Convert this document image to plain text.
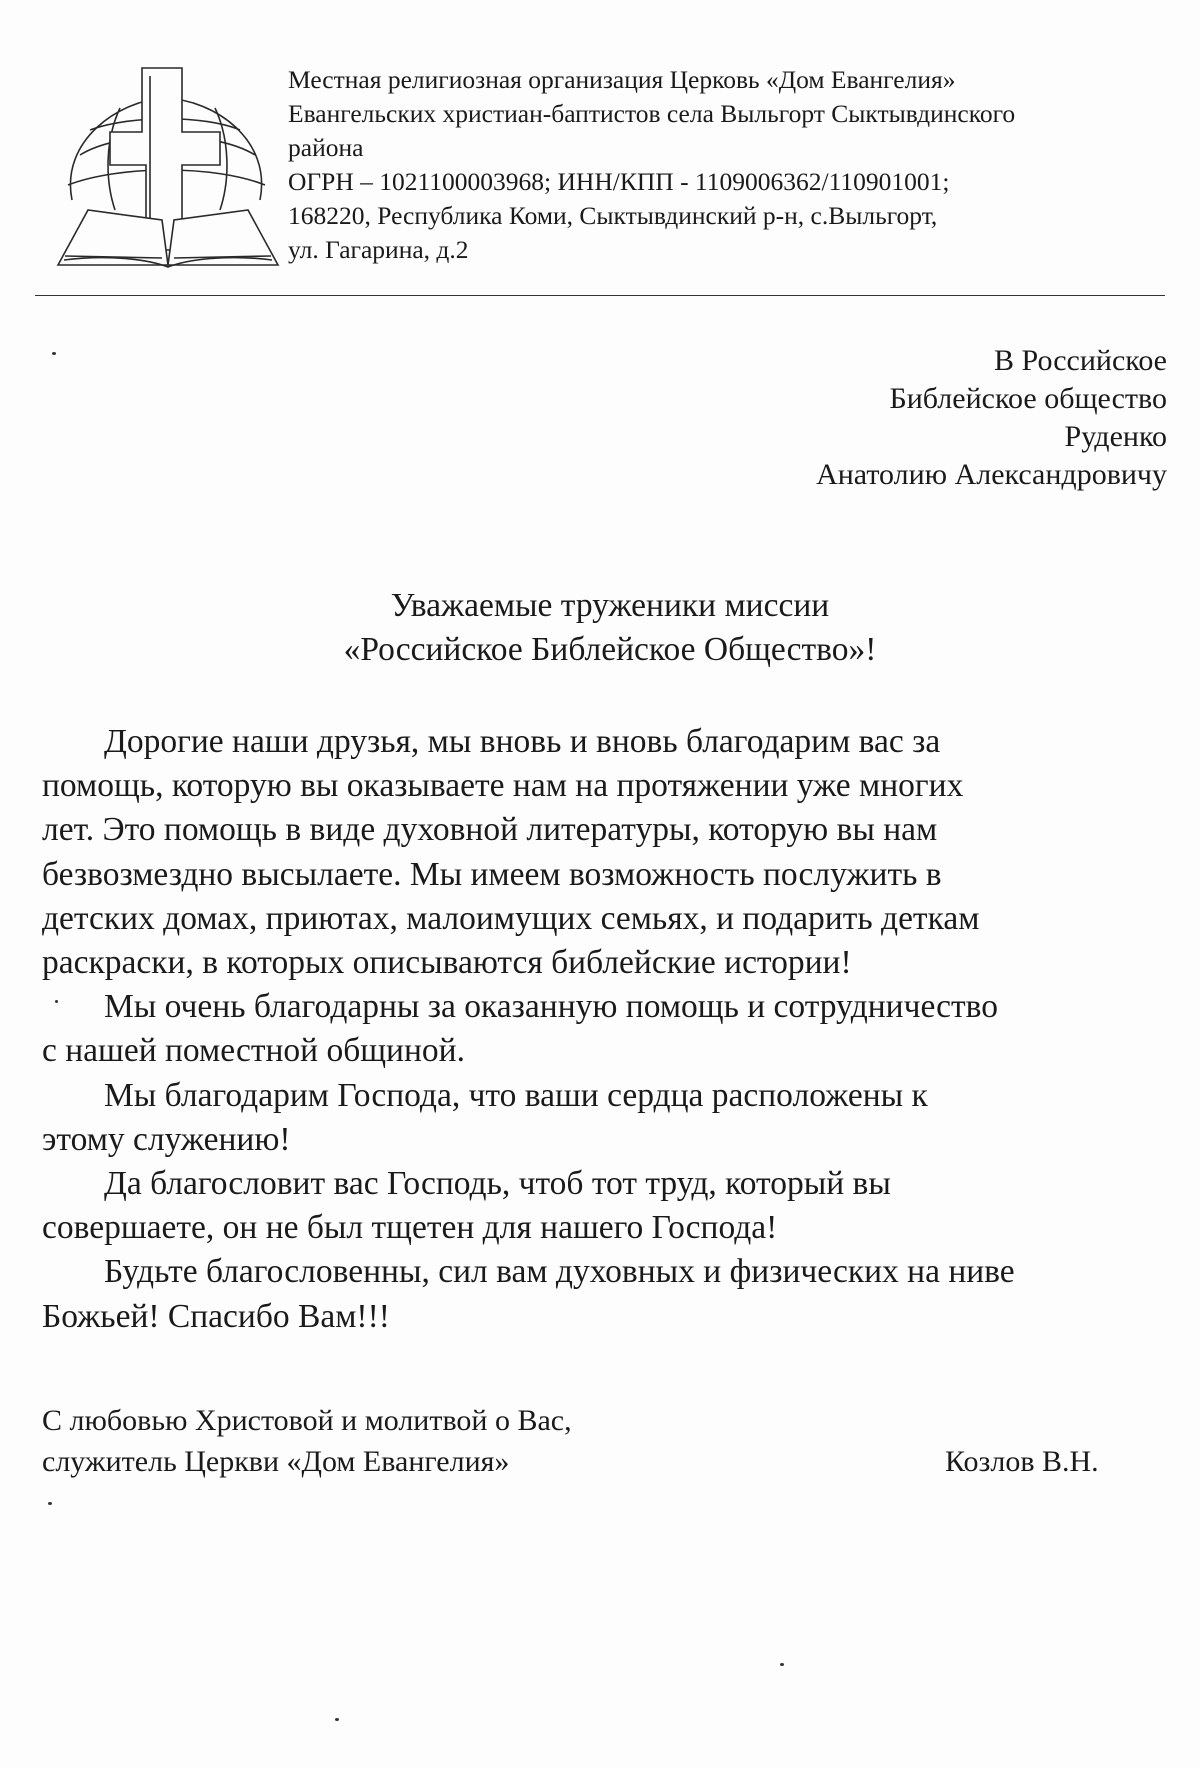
Местная религиозная организация Церковь «Дом Евангелия»
Евангельских христиан-баптистов села Выльгорт Сыктывдинского
района
ОГРН – 1021100003968; ИНН/КПП - 1109006362/110901001;
168220, Республика Коми, Сыктывдинский р-н, с.Выльгорт,
ул. Гагарина, д.2
В Российское
Библейское общество
Руденко
Анатолию Александровичу
Уважаемые труженики миссии
«Российское Библейское Общество»!
Дорогие наши друзья, мы вновь и вновь благодарим вас за
помощь, которую вы оказываете нам на протяжении уже многих
лет. Это помощь в виде духовной литературы, которую вы нам
безвозмездно высылаете. Мы имеем возможность послужить в
детских домах, приютах, малоимущих семьях, и подарить деткам
раскраски, в которых описываются библейские истории!
Мы очень благодарны за оказанную помощь и сотрудничество
с нашей поместной общиной.
Мы благодарим Господа, что ваши сердца расположены к
этому служению!
Да благословит вас Господь, чтоб тот труд, который вы
совершаете, он не был тщетен для нашего Господа!
Будьте благословенны, сил вам духовных и физических на ниве
Божьей! Спасибо Вам!!!
С любовью Христовой и молитвой о Вас,
служитель Церкви «Дом Евангелия»	Козлов В.Н.
